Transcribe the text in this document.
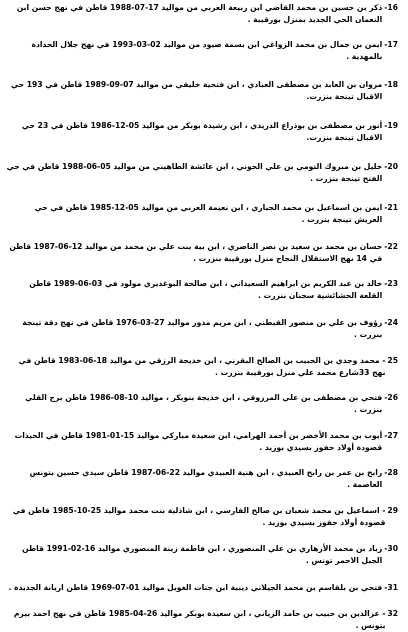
16-
ذكر بن حسين بن محمد القاضي ابن ربيعة العربي من مواليد 17-07-1988 قاطن في نهج حسن ابن النعمان الحي الجديد بمنزل بورقيبة .
17-
ايمن بن جمال بن محمد الزواغي ابن بسمة صيود من مواليد 02-03-1993 في نهج جلال الحدادة بالمهدية .
18-
مروان بن العابد بن مصطفى العبادي ، ابن فتحية خليفي من مواليد 07-09-1989 قاطن في 193 حي الاقبال تينجة بنزرت.
19-
أنور بن مصطفى بن بوذراع الدريدي ، ابن رشيدة بوبكر من مواليد 05-12-1986 قاطن في 23 حي الاقبال تينجة بنزرت.
20-
خليل بن مبروك التومي بن علي الحوني ، ابن عائشة الطاهيني من مواليد 05-06-1988 قاطن في حي الفتح تينجة بنزرت .
21-
ايمن بن اسماعيل بن محمد الجباري ، ابن نعيمة العربي من مواليد 05-12-1985 قاطن في حي العريش تينجة بنزرت .
22-
حسان بن محمد بن سعيد بن نصر الناصري ، ابن بية بنت علي بن محمد من مواليد 12-06-1987 قاطن في 14 نهج الاستقلال النجاح منزل بورقيبة بنزرت .
23-
خالد بن عبد الكريم بن ابراهيم السعيداني ، ابن صالحة البوغديري مولود في 03-06-1989 قاطن القلعة الحشائشية سجنان بنزرت .
24-
رؤوف بن علي بن منصور القبطني ، ابن مريم مدور مواليد 27-03-1976 قاطن في نهج دقة تينجة بنزرت .
25
- محمد وجدي بن الحبيب بن الصالح البقرني ، ابن خديجة الرزقي من مواليد 18-06-1983 قاطن في نهج 33شارع محمد علي منزل بورقيبة بنزرت .
26-
فتحي بن مصطفى بن علي المرزوقي ، ابن خديجة بنويكر ، مواليد 10-08-1986 قاطن برج القلي بنزرت .
27-
أيوب بن محمد الأخضر بن أحمد الهرامي، ابن سعيدة مباركي مواليد 15-01-1981 قاطن في الحيدات قصودة أولاد حفوز بسيدي بوزيد .
28-
رابح بن عمر بن رابح العبيدي ، ابن هنية العبيدي مواليد 22-06-1987 قاطن سيدي حسين بتونس العاصمة .
29
- اسماعيل بن محمد شعبان بن صالح الفارسي ، ابن شاذلية بنت محمد مواليد 25-10-1985 قاطن في قصودة أولاد حفوز بسيدي بوزيد .
30-
زياد بن محمد الأزهاري بن علي المنصوري ، ابن فاطمة زينة المنصوري مواليد 16-02-1991 قاطن الجبل الاحمر تونس .
31-
فتحي بن بلقاسم بن محمد الجيلاني ديبية ابن جنات الغويل مواليد 01-07-1969 قاطن اريانة الجديدة .
32
- عزالدين بن حبيب بن حامد الزياني ، ابن سعيدة بوبكر مواليد 26-04-1985 قاطن في نهج احمد بيرم بتونس .
